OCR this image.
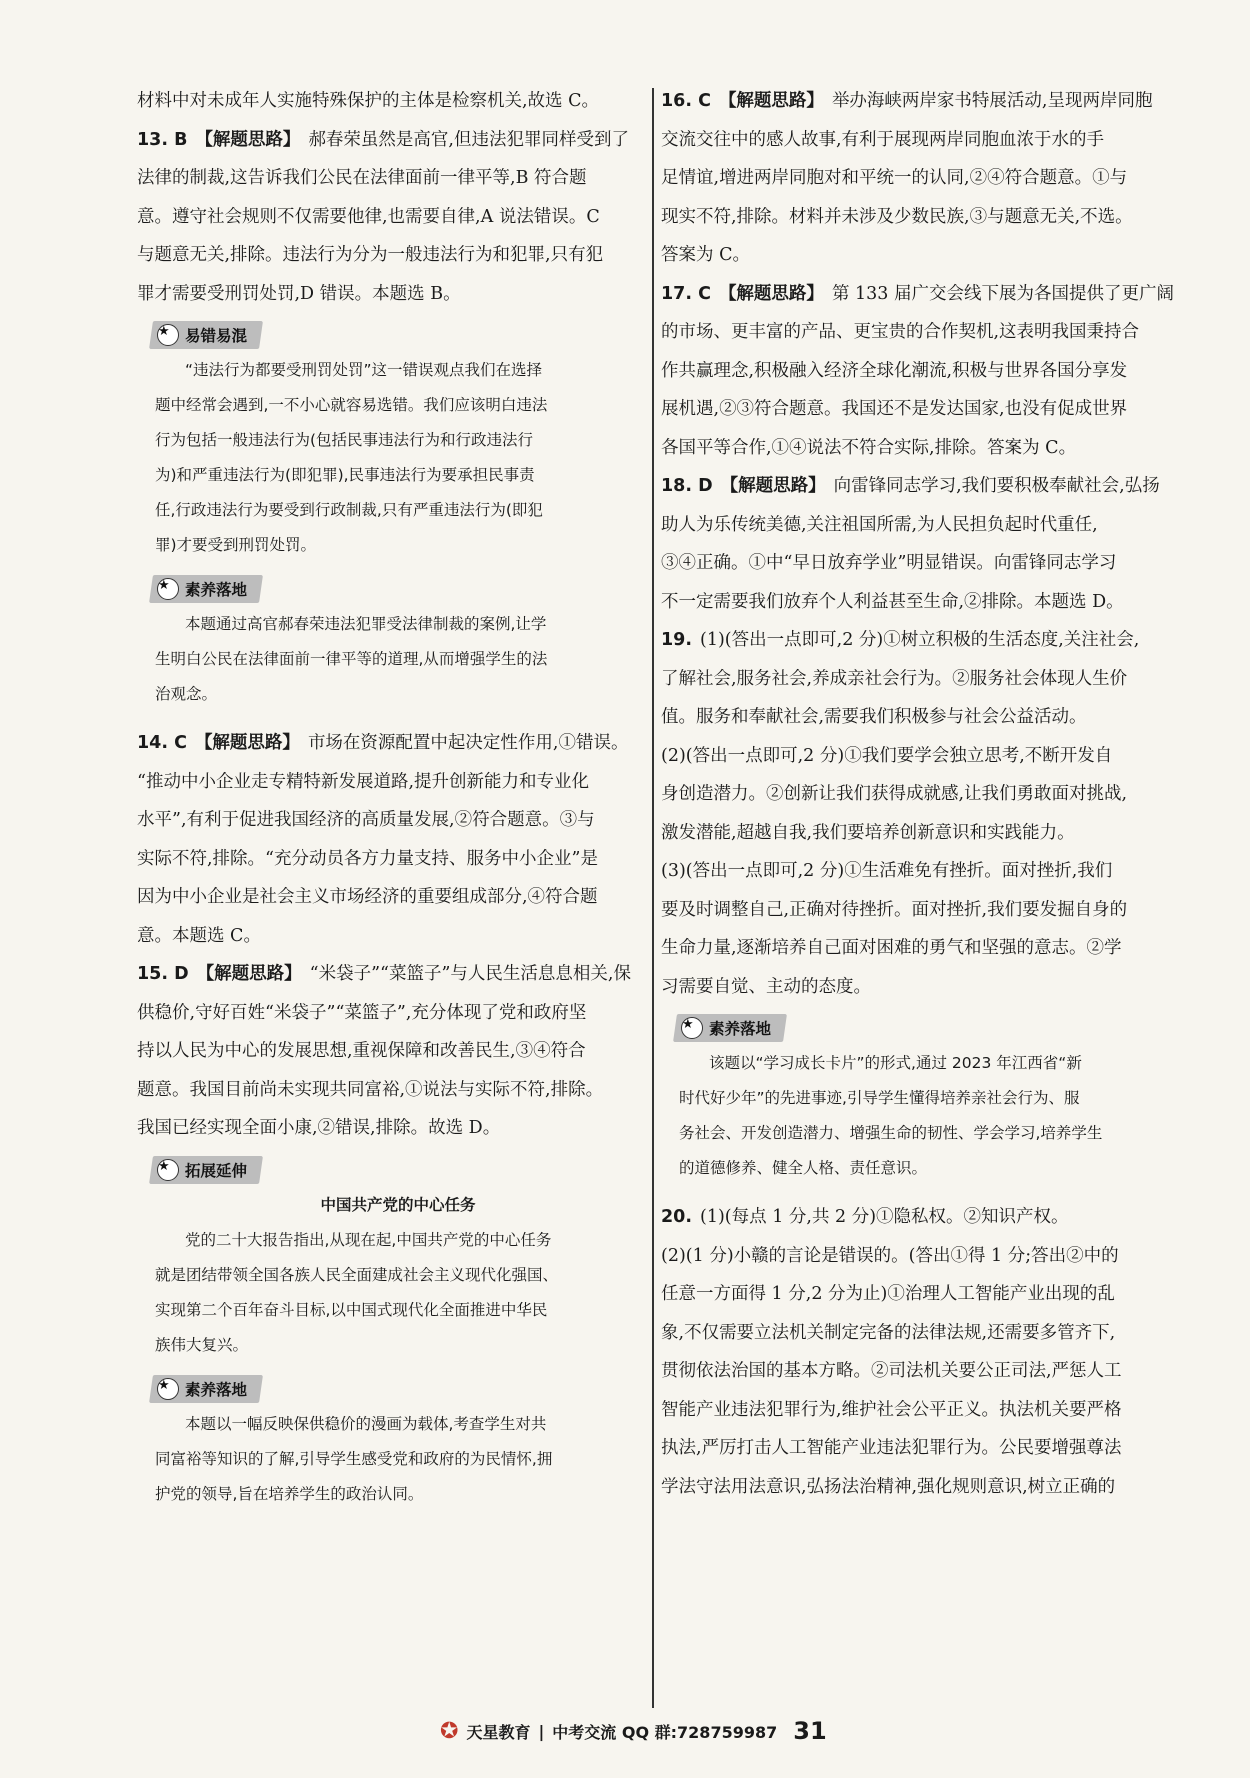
材料中对未成年人实施特殊保护的主体是检察机关,故选 C。
13. B 【解题思路】 郝春荣虽然是高官,但违法犯罪同样受到了
法律的制裁,这告诉我们公民在法律面前一律平等,B 符合题
意。遵守社会规则不仅需要他律,也需要自律,A 说法错误。C
与题意无关,排除。违法行为分为一般违法行为和犯罪,只有犯
罪才需要受刑罚处罚,D 错误。本题选 B。
★ 易错易混
“违法行为都要受刑罚处罚”这一错误观点我们在选择
题中经常会遇到,一不小心就容易选错。我们应该明白违法
行为包括一般违法行为(包括民事违法行为和行政违法行
为)和严重违法行为(即犯罪),民事违法行为要承担民事责
任,行政违法行为要受到行政制裁,只有严重违法行为(即犯
罪)才要受到刑罚处罚。
★ 素养落地
本题通过高官郝春荣违法犯罪受法律制裁的案例,让学
生明白公民在法律面前一律平等的道理,从而增强学生的法
治观念。
14. C 【解题思路】 市场在资源配置中起决定性作用,①错误。
“推动中小企业走专精特新发展道路,提升创新能力和专业化
水平”,有利于促进我国经济的高质量发展,②符合题意。③与
实际不符,排除。“充分动员各方力量支持、服务中小企业”是
因为中小企业是社会主义市场经济的重要组成部分,④符合题
意。本题选 C。
15. D 【解题思路】 “米袋子”“菜篮子”与人民生活息息相关,保
供稳价,守好百姓“米袋子”“菜篮子”,充分体现了党和政府坚
持以人民为中心的发展思想,重视保障和改善民生,③④符合
题意。我国目前尚未实现共同富裕,①说法与实际不符,排除。
我国已经实现全面小康,②错误,排除。故选 D。
★ 拓展延伸
中国共产党的中心任务
党的二十大报告指出,从现在起,中国共产党的中心任务
就是团结带领全国各族人民全面建成社会主义现代化强国、
实现第二个百年奋斗目标,以中国式现代化全面推进中华民
族伟大复兴。
★ 素养落地
本题以一幅反映保供稳价的漫画为载体,考查学生对共
同富裕等知识的了解,引导学生感受党和政府的为民情怀,拥
护党的领导,旨在培养学生的政治认同。
16. C 【解题思路】 举办海峡两岸家书特展活动,呈现两岸同胞
交流交往中的感人故事,有利于展现两岸同胞血浓于水的手
足情谊,增进两岸同胞对和平统一的认同,②④符合题意。①与
现实不符,排除。材料并未涉及少数民族,③与题意无关,不选。
答案为 C。
17. C 【解题思路】 第 133 届广交会线下展为各国提供了更广阔
的市场、更丰富的产品、更宝贵的合作契机,这表明我国秉持合
作共赢理念,积极融入经济全球化潮流,积极与世界各国分享发
展机遇,②③符合题意。我国还不是发达国家,也没有促成世界
各国平等合作,①④说法不符合实际,排除。答案为 C。
18. D 【解题思路】 向雷锋同志学习,我们要积极奉献社会,弘扬
助人为乐传统美德,关注祖国所需,为人民担负起时代重任,
③④正确。①中“早日放弃学业”明显错误。向雷锋同志学习
不一定需要我们放弃个人利益甚至生命,②排除。本题选 D。
19. (1)(答出一点即可,2 分)①树立积极的生活态度,关注社会,
了解社会,服务社会,养成亲社会行为。②服务社会体现人生价
值。服务和奉献社会,需要我们积极参与社会公益活动。
(2)(答出一点即可,2 分)①我们要学会独立思考,不断开发自
身创造潜力。②创新让我们获得成就感,让我们勇敢面对挑战,
激发潜能,超越自我,我们要培养创新意识和实践能力。
(3)(答出一点即可,2 分)①生活难免有挫折。面对挫折,我们
要及时调整自己,正确对待挫折。面对挫折,我们要发掘自身的
生命力量,逐渐培养自己面对困难的勇气和坚强的意志。②学
习需要自觉、主动的态度。
★ 素养落地
该题以“学习成长卡片”的形式,通过 2023 年江西省“新
时代好少年”的先进事迹,引导学生懂得培养亲社会行为、服
务社会、开发创造潜力、增强生命的韧性、学会学习,培养学生
的道德修养、健全人格、责任意识。
20. (1)(每点 1 分,共 2 分)①隐私权。②知识产权。
(2)(1 分)小赣的言论是错误的。(答出①得 1 分;答出②中的
任意一方面得 1 分,2 分为止)①治理人工智能产业出现的乱
象,不仅需要立法机关制定完备的法律法规,还需要多管齐下,
贯彻依法治国的基本方略。②司法机关要公正司法,严惩人工
智能产业违法犯罪行为,维护社会公平正义。执法机关要严格
执法,严厉打击人工智能产业违法犯罪行为。公民要增强尊法
学法守法用法意识,弘扬法治精神,强化规则意识,树立正确的
✪ 天星教育 | 中考交流 QQ 群:728759987 31
